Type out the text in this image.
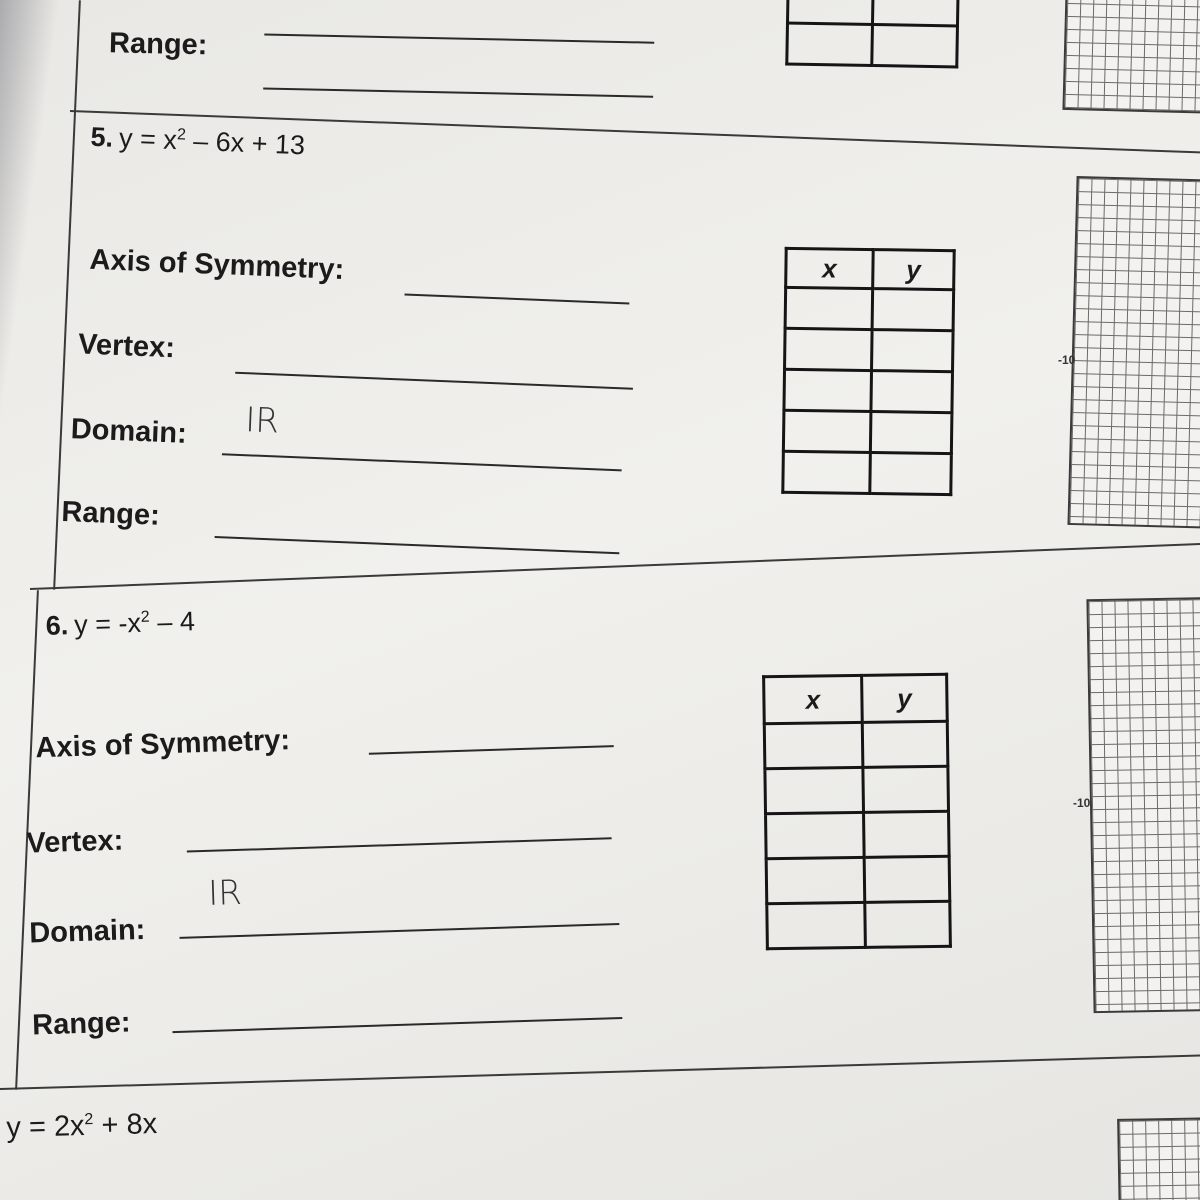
Range:

5. $y = x^2 - 6x + 13$
Axis of Symmetry:
Vertex:
Domain: IR
Range:
x	y

-10
6. $y = -x^2 - 4$
Axis of Symmetry:
Vertex:
Domain:
IR
Range:
x	y

-10
$y = 2x^2 + 8x$
